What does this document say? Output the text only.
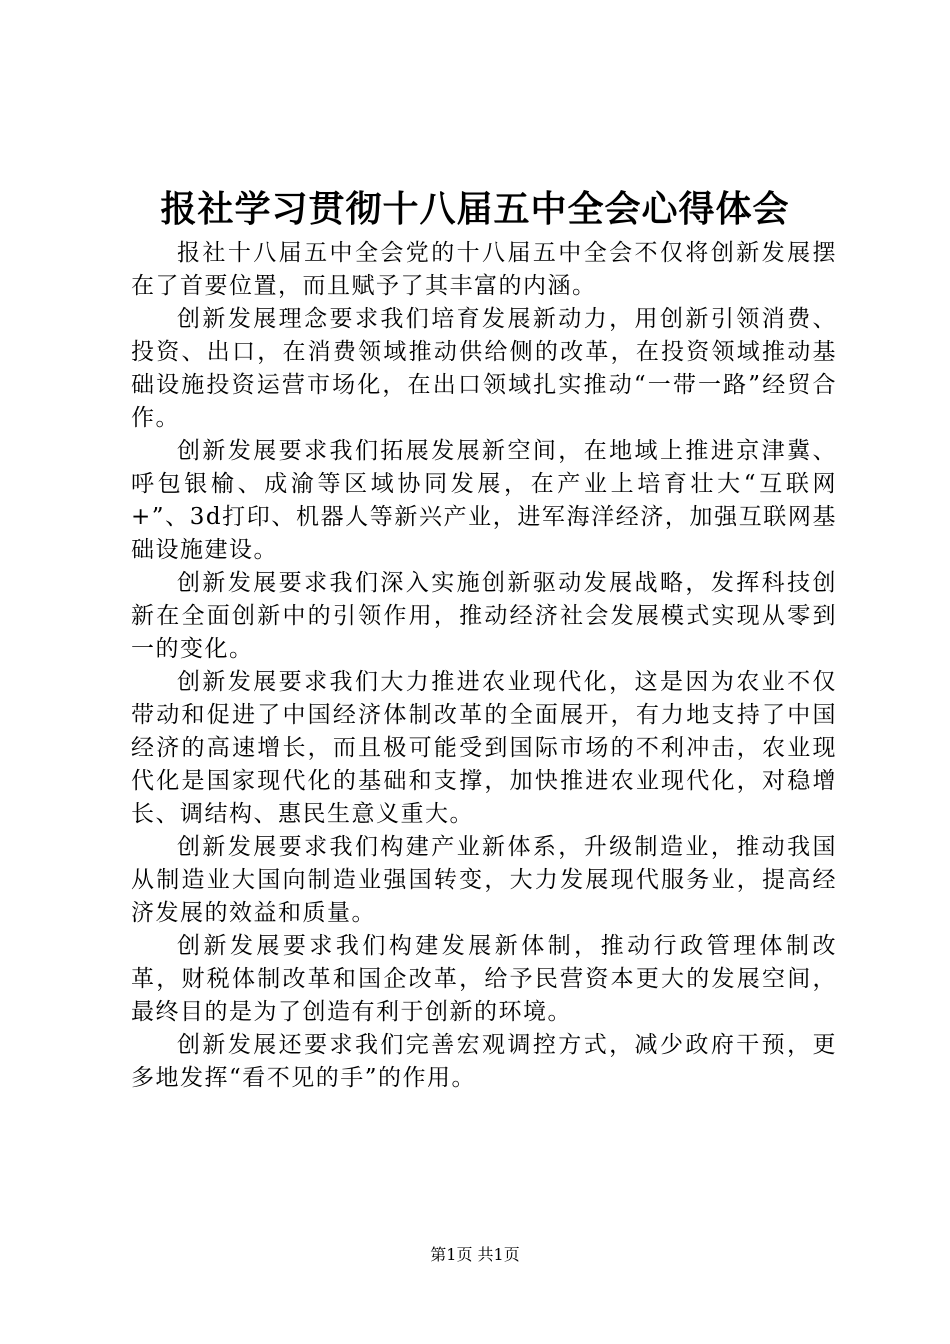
报社学习贯彻十八届五中全会心得体会

报社十八届五中全会党的十八届五中全会不仅将创新发展摆在了首要位置，而且赋予了其丰富的内涵。

创新发展理念要求我们培育发展新动力，用创新引领消费、投资、出口，在消费领域推动供给侧的改革，在投资领域推动基础设施投资运营市场化，在出口领域扎实推动“一带一路”经贸合作。

创新发展要求我们拓展发展新空间，在地域上推进京津冀、呼包银榆、成渝等区域协同发展，在产业上培育壮大“互联网+”、3d打印、机器人等新兴产业，进军海洋经济，加强互联网基础设施建设。

创新发展要求我们深入实施创新驱动发展战略，发挥科技创新在全面创新中的引领作用，推动经济社会发展模式实现从零到一的变化。

创新发展要求我们大力推进农业现代化，这是因为农业不仅带动和促进了中国经济体制改革的全面展开，有力地支持了中国经济的高速增长，而且极可能受到国际市场的不利冲击，农业现代化是国家现代化的基础和支撑，加快推进农业现代化，对稳增长、调结构、惠民生意义重大。

创新发展要求我们构建产业新体系，升级制造业，推动我国从制造业大国向制造业强国转变，大力发展现代服务业，提高经济发展的效益和质量。

创新发展要求我们构建发展新体制，推动行政管理体制改革，财税体制改革和国企改革，给予民营资本更大的发展空间，最终目的是为了创造有利于创新的环境。

创新发展还要求我们完善宏观调控方式，减少政府干预，更多地发挥“看不见的手”的作用。

第1页 共1页
